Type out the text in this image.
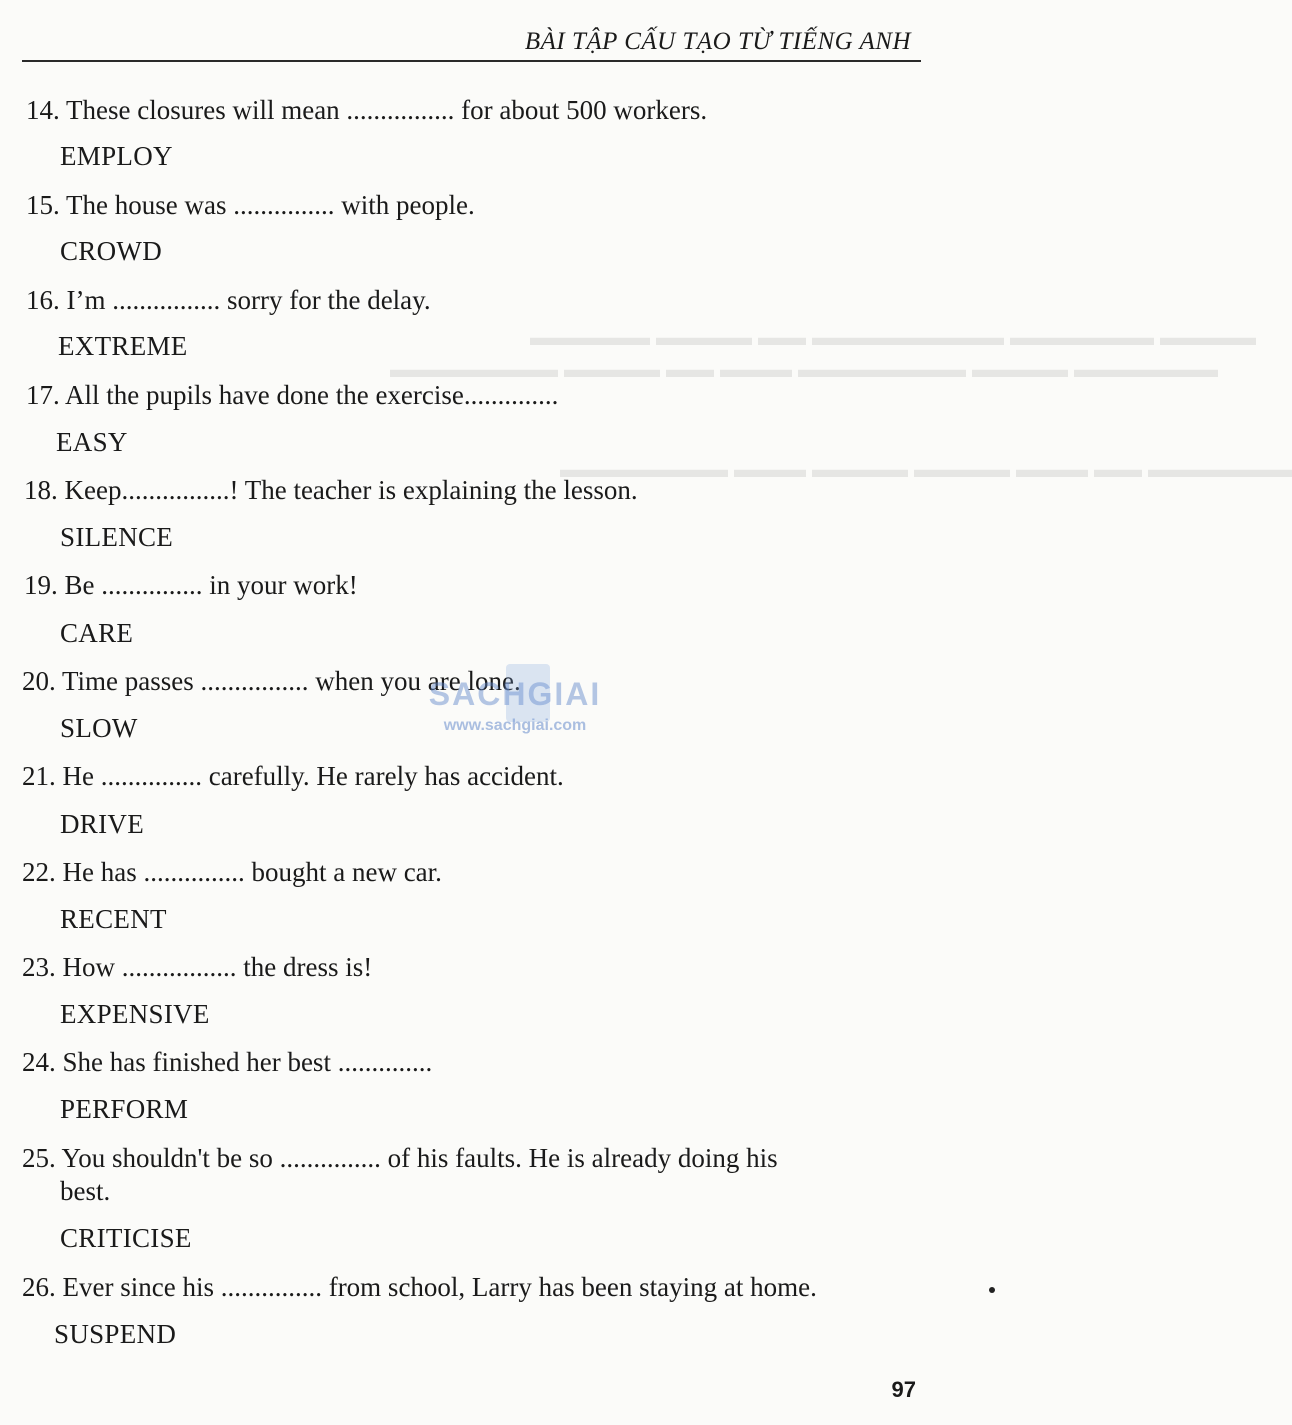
BÀI TẬP CẤU TẠO TỪ TIẾNG ANH
▬▬▬▬ ▬▬▬▬▬▬ ▬▬▬▬▬▬▬▬ ▬▬ ▬▬▬▬ ▬▬▬▬▬
▬▬▬▬▬▬ ▬▬▬▬ ▬▬▬▬▬▬▬ ▬▬▬ ▬▬ ▬▬▬▬ ▬▬▬▬▬▬▬
▬▬▬▬▬▬ ▬▬ ▬▬▬ ▬▬▬▬ ▬▬▬▬ ▬▬▬ ▬▬▬▬▬▬▬
14. These closures will mean ................ for about 500 workers.
EMPLOY
15. The house was ............... with people.
CROWD
16. I’m ................ sorry for the delay.
EXTREME
17. All the pupils have done the exercise..............
EASY
18. Keep................! The teacher is explaining the lesson.
SILENCE
19. Be ............... in your work!
CARE
20. Time passes ................ when you are lone.
SLOW
21. He ............... carefully. He rarely has accident.
DRIVE
22. He has ............... bought a new car.
RECENT
23. How ................. the dress is!
EXPENSIVE
24. She has finished her best ..............
PERFORM
25. You shouldn't be so ............... of his faults. He is already doing his
best.
CRITICISE
26. Ever since his ............... from school, Larry has been staying at home.
SUSPEND
SACHGIAI
www.sachgiai.com
97
